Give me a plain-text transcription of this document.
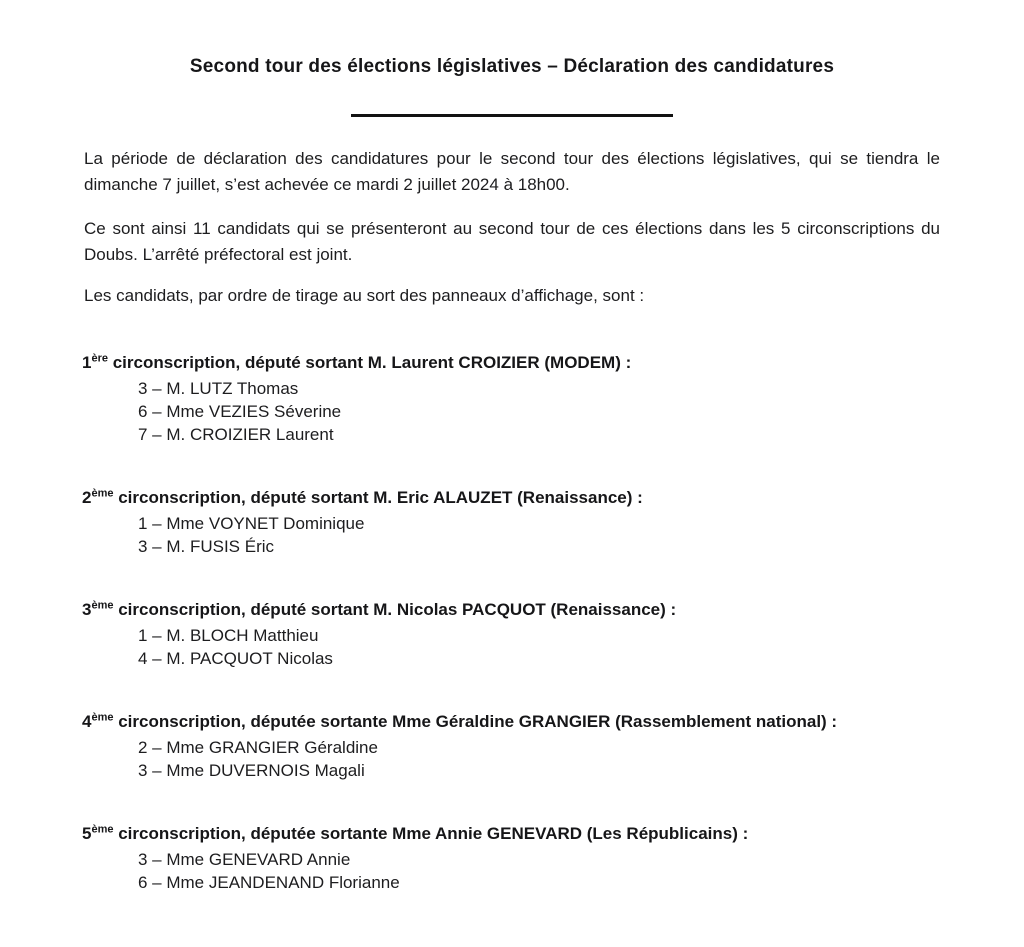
Second tour des élections législatives – Déclaration des candidatures

La période de déclaration des candidatures pour le second tour des élections législatives, qui se tiendra le dimanche 7 juillet, s’est achevée ce mardi 2 juillet 2024 à 18h00.

Ce sont ainsi 11 candidats qui se présenteront au second tour de ces élections dans les 5 circonscriptions du Doubs. L’arrêté préfectoral est joint.

Les candidats, par ordre de tirage au sort des panneaux d’affichage, sont :

1ère circonscription, député sortant M. Laurent CROIZIER (MODEM) :
3 – M. LUTZ Thomas
6 – Mme VEZIES Séverine
7 – M. CROIZIER Laurent
2ème circonscription, député sortant M. Eric ALAUZET (Renaissance) :
1 – Mme VOYNET Dominique
3 – M. FUSIS Éric
3ème circonscription, député sortant M. Nicolas PACQUOT (Renaissance) :
1 – M. BLOCH Matthieu
4 – M. PACQUOT Nicolas
4ème circonscription, députée sortante Mme Géraldine GRANGIER (Rassemblement national) :
2 – Mme GRANGIER Géraldine
3 – Mme DUVERNOIS Magali
5ème circonscription, députée sortante Mme Annie GENEVARD (Les Républicains) :
3 – Mme GENEVARD Annie
6 – Mme JEANDENAND Florianne
